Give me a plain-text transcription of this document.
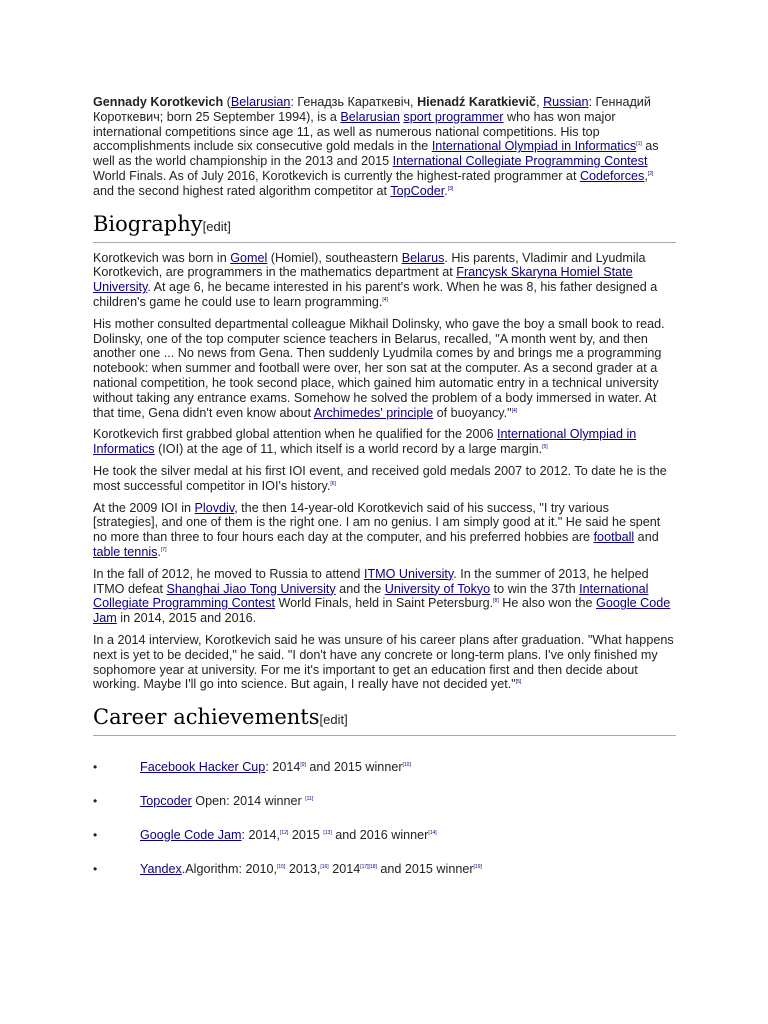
Gennady Korotkevich (Belarusian: Генадзь Караткевіч, Hienadź Karatkievič, Russian: Геннадий Короткевич; born 25 September 1994), is a Belarusian sport programmer who has won major international competitions since age 11, as well as numerous national competitions. His top accomplishments include six consecutive gold medals in the International Olympiad in Informatics[1] as well as the world championship in the 2013 and 2015 International Collegiate Programming Contest World Finals. As of July 2016, Korotkevich is currently the highest-rated programmer at Codeforces,[2] and the second highest rated algorithm competitor at TopCoder.[3]

Biography[edit]

Korotkevich was born in Gomel (Homiel), southeastern Belarus. His parents, Vladimir and Lyudmila Korotkevich, are programmers in the mathematics department at Francysk Skaryna Homiel State University. At age 6, he became interested in his parent's work. When he was 8, his father designed a children's game he could use to learn programming.[4]

His mother consulted departmental colleague Mikhail Dolinsky, who gave the boy a small book to read. Dolinsky, one of the top computer science teachers in Belarus, recalled, "A month went by, and then another one ... No news from Gena. Then suddenly Lyudmila comes by and brings me a programming notebook: when summer and football were over, her son sat at the computer. As a second grader at a national competition, he took second place, which gained him automatic entry in a technical university without taking any entrance exams. Somehow he solved the problem of a body immersed in water. At that time, Gena didn't even know about Archimedes' principle of buoyancy."[4]

Korotkevich first grabbed global attention when he qualified for the 2006 International Olympiad in Informatics (IOI) at the age of 11, which itself is a world record by a large margin.[5]

He took the silver medal at his first IOI event, and received gold medals 2007 to 2012. To date he is the most successful competitor in IOI's history.[6]

At the 2009 IOI in Plovdiv, the then 14-year-old Korotkevich said of his success, "I try various [strategies], and one of them is the right one. I am no genius. I am simply good at it." He said he spent no more than three to four hours each day at the computer, and his preferred hobbies are football and table tennis.[7]

In the fall of 2012, he moved to Russia to attend ITMO University. In the summer of 2013, he helped ITMO defeat Shanghai Jiao Tong University and the University of Tokyo to win the 37th International Collegiate Programming Contest World Finals, held in Saint Petersburg.[8] He also won the Google Code Jam in 2014, 2015 and 2016.

In a 2014 interview, Korotkevich said he was unsure of his career plans after graduation. "What happens next is yet to be decided," he said. "I don't have any concrete or long-term plans. I've only finished my sophomore year at university. For me it's important to get an education first and then decide about working. Maybe I'll go into science. But again, I really have not decided yet."[5]

Career achievements[edit]
•	Facebook Hacker Cup: 2014[9] and 2015 winner[10]
•	Topcoder Open: 2014 winner [11]
•	Google Code Jam: 2014,[12] 2015 [13] and 2016 winner[14]
•	Yandex.Algorithm: 2010,[15] 2013,[16] 2014[17][18] and 2015 winner[19]
